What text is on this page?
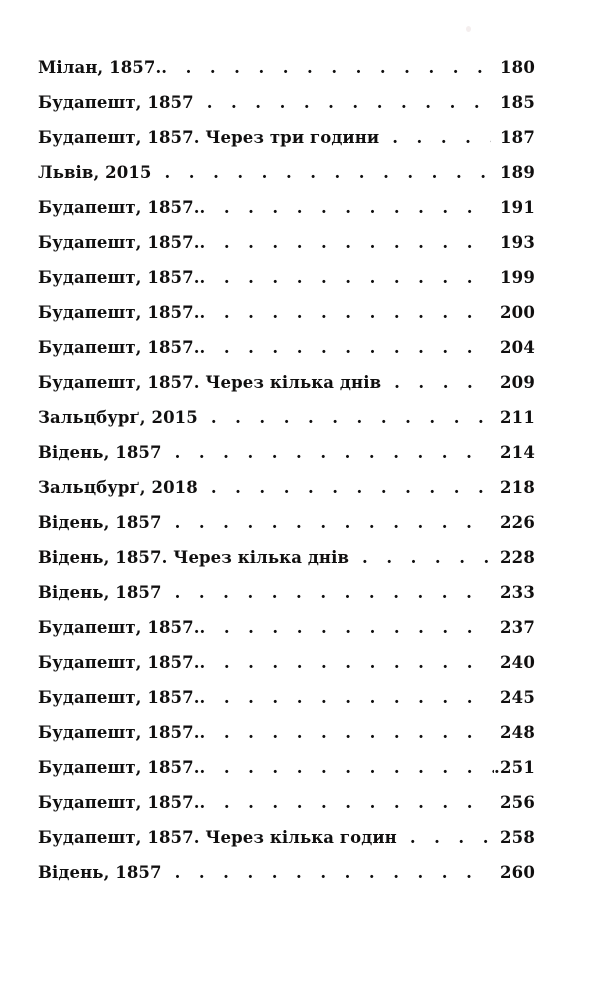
Мілан, 1857. . . .	180
Будапешт, 1857 . . .	185
Будапешт, 1857. Через три години . . .	187
Львів, 2015 . . .	189
Будапешт, 1857. . . .	191
Будапешт, 1857. . . .	193
Будапешт, 1857. . . .	199
Будапешт, 1857. . . .	200
Будапешт, 1857. . . .	204
Будапешт, 1857. Через кілька днів . . .	209
Зальцбурґ, 2015 . . .	211
Відень, 1857 . . .	214
Зальцбурґ, 2018 . . .	218
Відень, 1857 . . .	226
Відень, 1857. Через кілька днів . . .	228
Відень, 1857 . . .	233
Будапешт, 1857. . . .	237
Будапешт, 1857. . . .	240
Будапешт, 1857. . . .	245
Будапешт, 1857. . . .	248
Будапешт, 1857. . . .	. 251
Будапешт, 1857. . . .	256
Будапешт, 1857. Через кілька годин . . .	258
Відень, 1857 . . .	260
